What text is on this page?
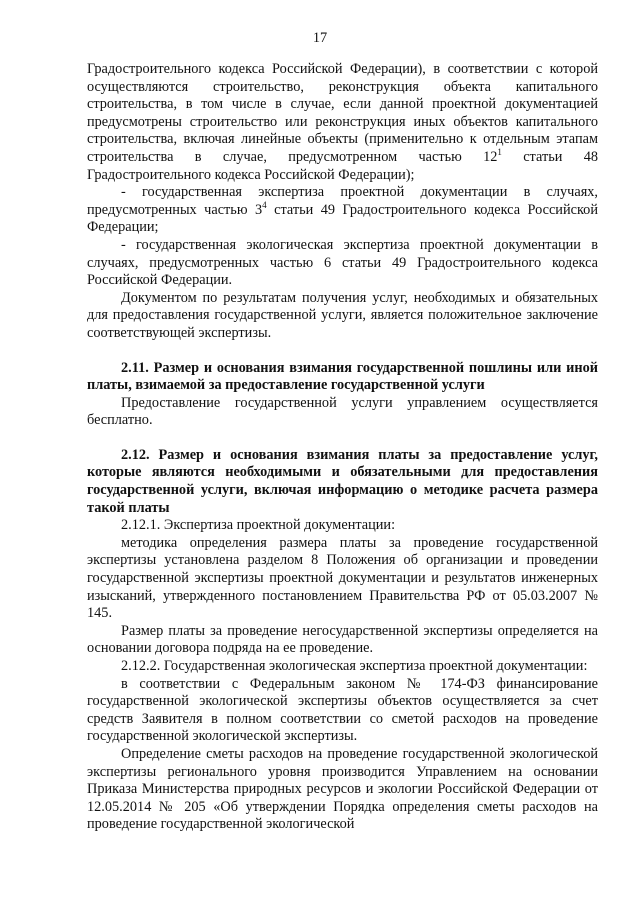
17

Градостроительного кодекса Российской Федерации), в соответствии с которой осуществляются строительство, реконструкция объекта капитального строительства, в том числе в случае, если данной проектной документацией предусмотрены строительство или реконструкция иных объектов капитального строительства, включая линейные объекты (применительно к отдельным этапам строительства в случае, предусмотренном частью $12^1$ статьи 48 Градостроительного кодекса Российской Федерации);

- государственная экспертиза проектной документации в случаях, предусмотренных частью $3^4$ статьи 49 Градостроительного кодекса Российской Федерации;

- государственная экологическая экспертиза проектной документации в случаях, предусмотренных частью 6 статьи 49 Градостроительного кодекса Российской Федерации.

Документом по результатам получения услуг, необходимых и обязательных для предоставления государственной услуги, является положительное заключение соответствующей экспертизы.

2.11. Размер и основания взимания государственной пошлины или иной платы, взимаемой за предоставление государственной услуги

Предоставление государственной услуги управлением осуществляется бесплатно.

2.12. Размер и основания взимания платы за предоставление услуг, которые являются необходимыми и обязательными для предоставления государственной услуги, включая информацию о методике расчета размера такой платы

2.12.1. Экспертиза проектной документации:

методика определения размера платы за проведение государственной экспертизы установлена разделом 8 Положения об организации и проведении государственной экспертизы проектной документации и результатов инженерных изысканий, утвержденного постановлением Правительства РФ от 05.03.2007 № 145.

Размер платы за проведение негосударственной экспертизы определяется на основании договора подряда на ее проведение.

2.12.2. Государственная экологическая экспертиза проектной документации:

в соответствии с Федеральным законом № 174-ФЗ финансирование государственной экологической экспертизы объектов осуществляется за счет средств Заявителя в полном соответствии со сметой расходов на проведение государственной экологической экспертизы.

Определение сметы расходов на проведение государственной экологической экспертизы регионального уровня производится Управлением на основании Приказа Министерства природных ресурсов и экологии Российской Федерации от 12.05.2014 № 205 «Об утверждении Порядка определения сметы расходов на проведение государственной экологической
